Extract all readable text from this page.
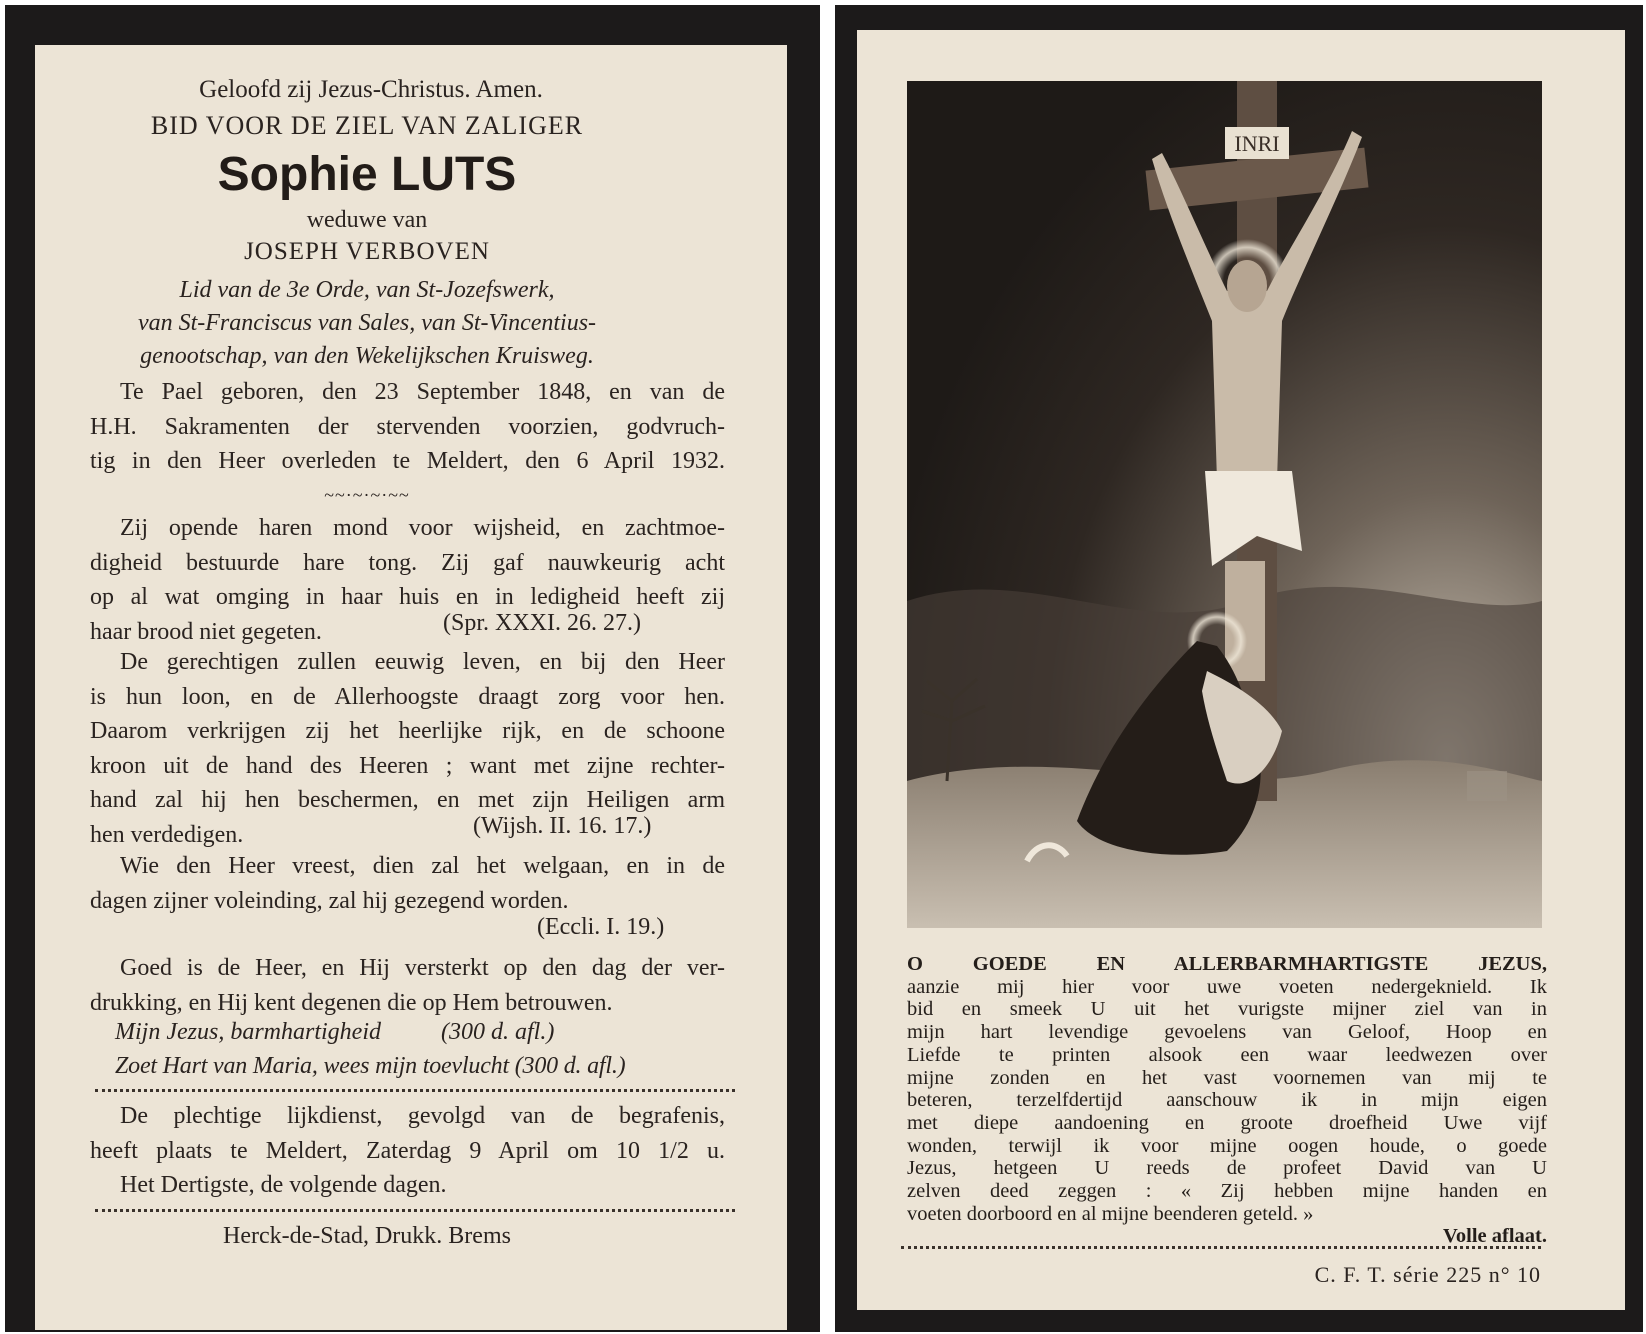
Geloofd zij Jezus-Christus. Amen.
BID VOOR DE ZIEL VAN ZALIGER
Sophie LUTS
weduwe van
JOSEPH VERBOVEN
Lid van de 3e Orde, van St-Jozefswerk,
van St-Franciscus van Sales, van St-Vincentius-
genootschap, van den Wekelijkschen Kruisweg.
Te Pael geboren, den 23 September 1848, en van de
H.H. Sakramenten der stervenden voorzien, godvruch-
tig in den Heer overleden te Meldert, den 6 April 1932.
~~·~·~·~~
Zij opende haren mond voor wijsheid, en zachtmoe-
digheid bestuurde hare tong. Zij gaf nauwkeurig acht
op al wat omging in haar huis en in ledigheid heeft zij
haar brood niet gegeten.	(Spr. XXXI. 26. 27.)
De gerechtigen zullen eeuwig leven, en bij den Heer
is hun loon, en de Allerhoogste draagt zorg voor hen.
Daarom verkrijgen zij het heerlijke rijk, en de schoone
kroon uit de hand des Heeren ; want met zijne rechter-
hand zal hij hen beschermen, en met zijn Heiligen arm
hen verdedigen.	(Wijsh. II. 16. 17.)
Wie den Heer vreest, dien zal het welgaan, en in de
dagen zijner voleinding, zal hij gezegend worden.
(Eccli. I. 19.)
Goed is de Heer, en Hij versterkt op den dag der ver-
drukking, en Hij kent degenen die op Hem betrouwen.
Mijn Jezus, barmhartigheid	(300 d. afl.)
Zoet Hart van Maria, wees mijn toevlucht (300 d. afl.)
De plechtige lijkdienst, gevolgd van de begrafenis,
heeft plaats te Meldert, Zaterdag 9 April om 10 1/2 u.
Het Dertigste, de volgende dagen.
Herck-de-Stad, Drukk. Brems
INRI
O GOEDE EN ALLERBARMHARTIGSTE JEZUS,
aanzie mij hier voor uwe voeten nedergeknield. Ik
bid en smeek U uit het vurigste mijner ziel van in
mijn hart levendige gevoelens van Geloof, Hoop en
Liefde te printen alsook een waar leedwezen over
mijne zonden en het vast voornemen van mij te
beteren, terzelfdertijd aanschouw ik in mijn eigen
met diepe aandoening en groote droefheid Uwe vijf
wonden, terwijl ik voor mijne oogen houde, o goede
Jezus, hetgeen U reeds de profeet David van U
zelven deed zeggen : « Zij hebben mijne handen en
voeten doorboord en al mijne beenderen geteld. »
Volle aflaat.
C. F. T. série 225 n° 10
